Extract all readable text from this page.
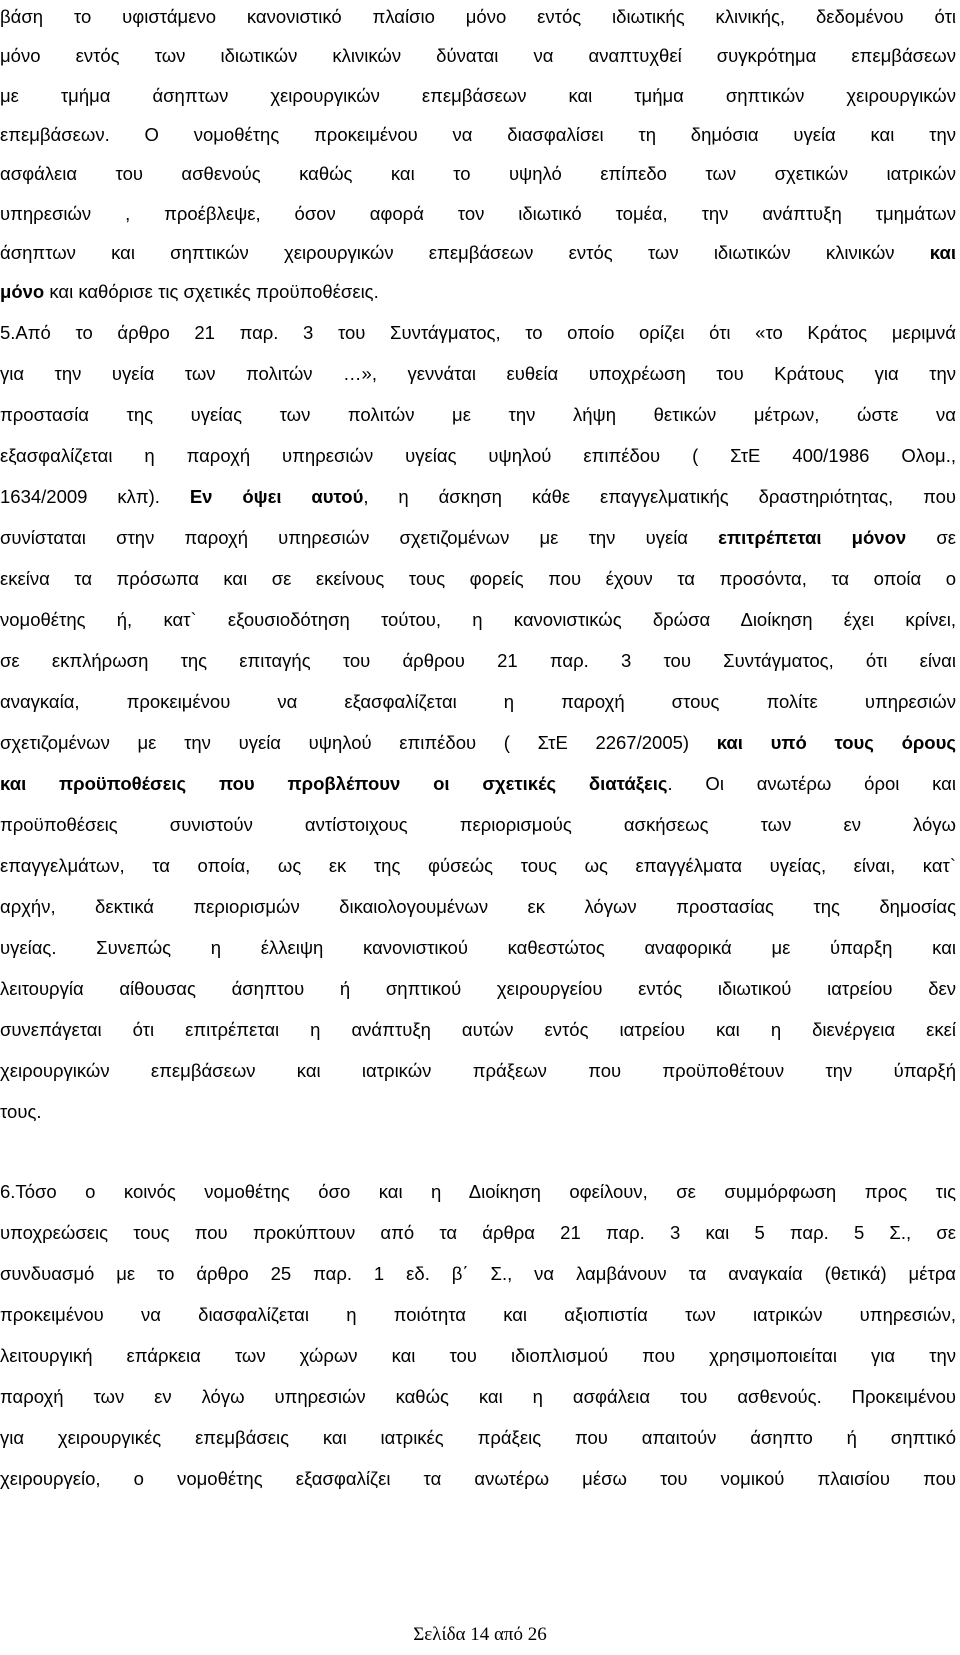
βάση το υφιστάμενο κανονιστικό πλαίσιο μόνο εντός ιδιωτικής κλινικής, δεδομένου ότι
μόνο εντός των ιδιωτικών κλινικών δύναται να αναπτυχθεί συγκρότημα επεμβάσεων
με τμήμα άσηπτων χειρουργικών επεμβάσεων και τμήμα σηπτικών χειρουργικών
επεμβάσεων. Ο νομοθέτης προκειμένου να διασφαλίσει τη δημόσια υγεία και την
ασφάλεια του ασθενούς καθώς και το υψηλό επίπεδο των σχετικών ιατρικών
υπηρεσιών , προέβλεψε, όσον αφορά τον ιδιωτικό τομέα, την ανάπτυξη τμημάτων
άσηπτων και σηπτικών χειρουργικών επεμβάσεων εντός των ιδιωτικών κλινικών και
μόνο και καθόρισε τις σχετικές προϋποθέσεις.
5.Από το άρθρο 21 παρ. 3 του Συντάγματος, το οποίο ορίζει ότι «το Κράτος μεριμνά
για την υγεία των πολιτών …», γεννάται ευθεία υποχρέωση του Κράτους για την
προστασία της υγείας των πολιτών με την λήψη θετικών μέτρων, ώστε να
εξασφαλίζεται η παροχή υπηρεσιών υγείας υψηλού επιπέδου ( ΣτΕ 400/1986 Ολομ.,
1634/2009 κλπ). Εν όψει αυτού, η άσκηση κάθε επαγγελματικής δραστηριότητας, που
συνίσταται στην παροχή υπηρεσιών σχετιζομένων με την υγεία επιτρέπεται μόνον σε
εκείνα τα πρόσωπα και σε εκείνους τους φορείς που έχουν τα προσόντα, τα οποία ο
νομοθέτης ή, κατ` εξουσιοδότηση τούτου, η κανονιστικώς δρώσα Διοίκηση έχει κρίνει,
σε εκπλήρωση της επιταγής του άρθρου 21 παρ. 3 του Συντάγματος, ότι είναι
αναγκαία, προκειμένου να εξασφαλίζεται η παροχή στους πολίτε υπηρεσιών
σχετιζομένων με την υγεία υψηλού επιπέδου ( ΣτΕ 2267/2005) και υπό τους όρους
και προϋποθέσεις που προβλέπουν οι σχετικές διατάξεις. Οι ανωτέρω όροι και
προϋποθέσεις συνιστούν αντίστοιχους περιορισμούς ασκήσεως των εν λόγω
επαγγελμάτων, τα οποία, ως εκ της φύσεώς τους ως επαγγέλματα υγείας, είναι, κατ`
αρχήν, δεκτικά περιορισμών δικαιολογουμένων εκ λόγων προστασίας της δημοσίας
υγείας. Συνεπώς η έλλειψη κανονιστικού καθεστώτος αναφορικά με ύπαρξη και
λειτουργία αίθουσας άσηπτου ή σηπτικού χειρουργείου εντός ιδιωτικού ιατρείου δεν
συνεπάγεται ότι επιτρέπεται η ανάπτυξη αυτών εντός ιατρείου και η διενέργεια εκεί
χειρουργικών επεμβάσεων και ιατρικών πράξεων που προϋποθέτουν την ύπαρξή
τους.
6.Τόσο ο κοινός νομοθέτης όσο και η Διοίκηση οφείλουν, σε συμμόρφωση προς τις
υποχρεώσεις τους που προκύπτουν από τα άρθρα 21 παρ. 3 και 5 παρ. 5 Σ., σε
συνδυασμό με το άρθρο 25 παρ. 1 εδ. β΄ Σ., να λαμβάνουν τα αναγκαία (θετικά) μέτρα
προκειμένου να διασφαλίζεται η ποιότητα και αξιοπιστία των ιατρικών υπηρεσιών,
λειτουργική επάρκεια των χώρων και του ιδιοπλισμού που χρησιμοποιείται για την
παροχή των εν λόγω υπηρεσιών καθώς και η ασφάλεια του ασθενούς. Προκειμένου
για χειρουργικές επεμβάσεις και ιατρικές πράξεις που απαιτούν άσηπτο ή σηπτικό
χειρουργείο, ο νομοθέτης εξασφαλίζει τα ανωτέρω μέσω του νομικού πλαισίου που
Σελίδα 14 από 26
